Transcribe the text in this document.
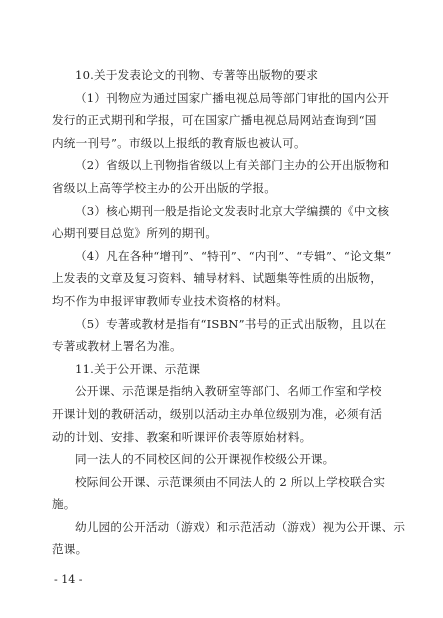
10.关于发表论文的刊物、专著等出版物的要求
（1）刊物应为通过国家广播电视总局等部门审批的国内公开
发行的正式期刊和学报，可在国家广播电视总局网站查询到“国
内统一刊号”。市级以上报纸的教育版也被认可。
（2）省级以上刊物指省级以上有关部门主办的公开出版物和
省级以上高等学校主办的公开出版的学报。
（3）核心期刊一般是指论文发表时北京大学编撰的《中文核
心期刊要目总览》所列的期刊。
（4）凡在各种“增刊”、“特刊”、“内刊”、“专辑”、“论文集”
上发表的文章及复习资料、辅导材料、试题集等性质的出版物，
均不作为申报评审教师专业技术资格的材料。
（5）专著或教材是指有“ISBN”书号的正式出版物，且以在
专著或教材上署名为准。
11.关于公开课、示范课
公开课、示范课是指纳入教研室等部门、名师工作室和学校
开课计划的教研活动，级别以活动主办单位级别为准，必须有活
动的计划、安排、教案和听课评价表等原始材料。
同一法人的不同校区间的公开课视作校级公开课。
校际间公开课、示范课须由不同法人的 2 所以上学校联合实
施。
幼儿园的公开活动（游戏）和示范活动（游戏）视为公开课、示
范课。
- 14 -
